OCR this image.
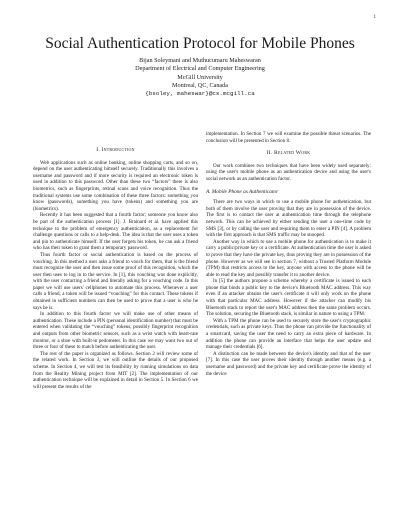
1
Social Authentication Protocol for Mobile Phones
Bijan Soleymani and Muthucumaru Maheswaran
Department of Electrical and Computer Engineering
McGill University
Montreal, QC, Canada
{bsoley, maheswar}@cs.mcgill.ca
I. Introduction

Web applications such as online banking, online shopping carts, and so on, depend on the user authenticating himself securely. Traditionally this involves a username and password and if more security is required an electronic token is used in addition to this password. Other than these two “factors” there is also biometrics, such as fingerprints, retinal scans and voice recognition. Thus the traditional systems use some combination of these three factors: something you know (passwords), something you have (tokens) and something you are (biometrics).

Recently it has been suggested that a fourth factor; someone you know also be part of the authentication process [1]. J. Brainard et al. have applied this technique to the problem of emergency authentication, as a replacement for challenge questions or calls to a help-desk. The idea is that the user uses a token and pin to authenticate himself. If the user forgets his token, he can ask a friend who has their token to grant them a temporary password.

Thus fourth factor or social authentication is based on the process of vouching. In this method a user asks a friend to vouch for them, that is the friend must recognize the user and then issue some proof of this recognition, which the user then uses to log in to the service. In [1], this vouching was done explicitly, with the user contacting a friend and literally asking for a vouching code. In this paper we will use users' cellphones to automate this process. Whenever a user calls a friend, a token will be issued “vouching” for this contact. These tokens if obtained in sufficient numbers can then be used to prove that a user is who he says he is.

In addition to this fourth factor we will make use of other means of authentication. These include a PIN (personal identification number) that must be entered when validating the “vouching” tokens, possibly fingerprint recognition and outputs from other biometric sensors, such as a wrist watch with heart-rate monitor, or a shoe with built-in pedometer. In this case we may want two out of three or four of these to match before authenticating the user.

The rest of the paper is organized as follows. Section 2 will review some of the related work. In Section 3, we will outline the details of our proposed scheme. In Section 4, we will test its feasibility by running simulations on data from the Reality Mining project from MIT [2]. The implementation of our authentication technique will be explained in detail in Section 5. In Section 6 we will present the results of the

implementation. In Section 7 we will examine the possible threat scenarios. The conclusion will be presented in Section 8.

II. Related Work

Our work combines two techniques that have been widely used separately: using the user's mobile phone as an authentication device and using the user's social network as an authentication factor.

A. Mobile Phone as Authenticator

There are two ways in which to use a mobile phone for authentication, but both of them involve the user proving that they are in possession of the device. The first is to contact the user at authentication time through the telephone network. This can be achieved by either sending the user a one-time code by SMS [3], or by calling the user and requiring them to enter a PIN [4]. A problem with the first approach is that SMS traffic may be snooped.

Another way in which to use a mobile phone for authentication is to make it carry a public/private key or a certificate. At authentication time the user is asked to prove that they have the private key, thus proving they are in possession of the phone. However as we will see in section 7, without a Trusted Platform Module (TPM) that restricts access to the key, anyone with access to the phone will be able to read the key and possibly transfer it to another device.

In [5] the authors propose a scheme whereby a certificate is issued to each phone that binds a public key to the device's Bluetooth MAC address. This way even if an attacker obtains the user's certificate it will only work on the phone with that particular MAC address. However if the attacker can modify his Bluetooth stack to report the user's MAC address then the same problem occurs. The solution, securing the Bluetooth stack, is similar in nature to using a TPM.

With a TPM the phone can be used to securely store the user's cryptographic credentials, such as private keys. Thus the phone can provide the functionality of a smartcard, saving the user the need to carry an extra piece of hardware. In addition the phone can provide an interface that helps the user update and manage their credentials [6].

A distinction can be made between the device's identity and that of the user [7]. In this case the user proves their identity through another means (e.g. a username and password) and the private key and certificate prove the identity of the device
